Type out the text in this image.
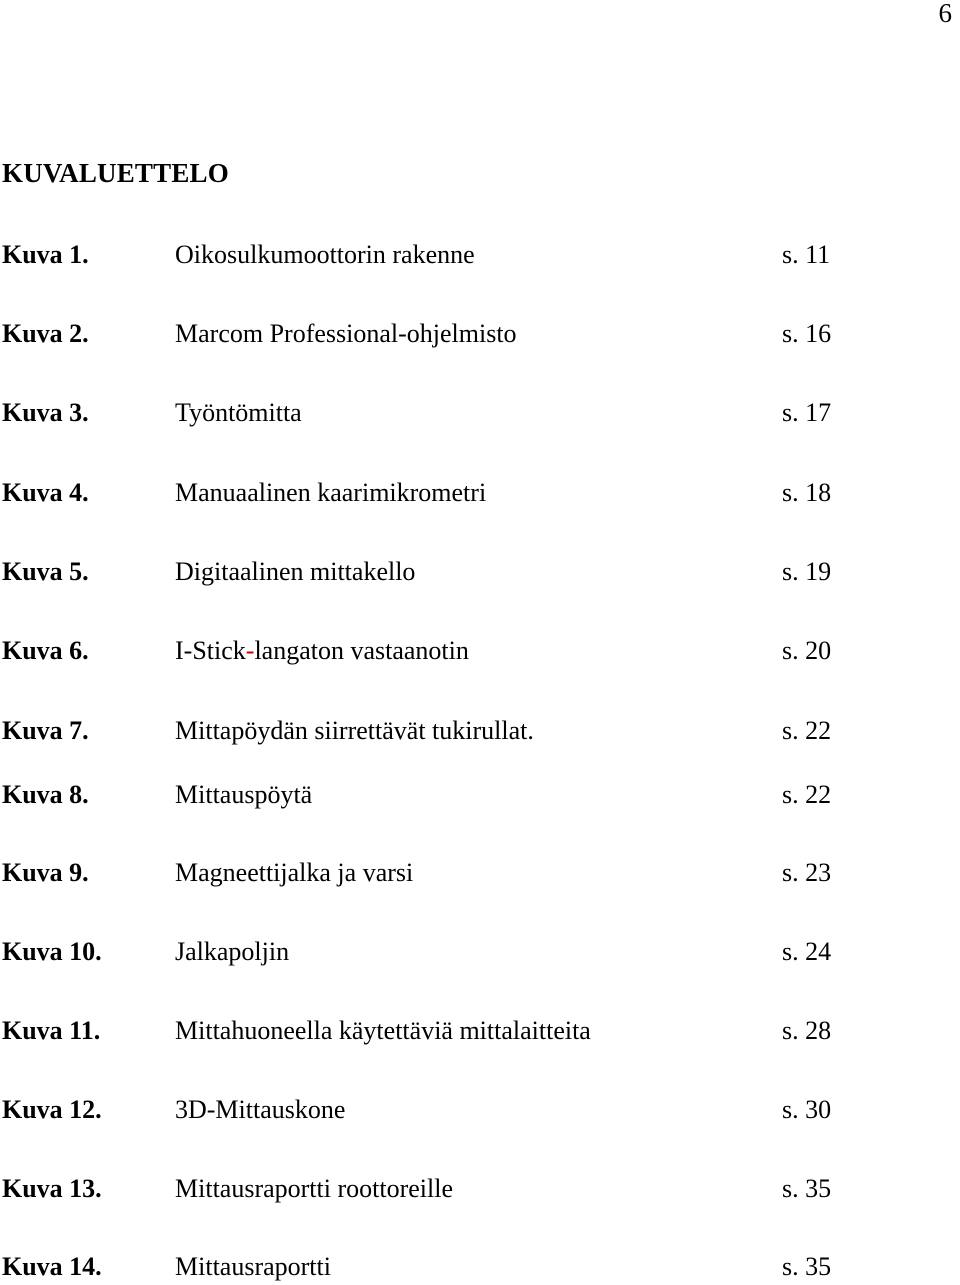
6
KUVALUETTELO
Kuva 1.	Oikosulkumoottorin rakenne	s. 11
Kuva 2.	Marcom Professional-ohjelmisto	s. 16
Kuva 3.	Työntömitta	s. 17
Kuva 4.	Manuaalinen kaarimikrometri	s. 18
Kuva 5.	Digitaalinen mittakello	s. 19
Kuva 6.	I-Stick-langaton vastaanotin	s. 20
Kuva 7.	Mittapöydän siirrettävät tukirullat.	s. 22
Kuva 8.	Mittauspöytä	s. 22
Kuva 9.	Magneettijalka ja varsi	s. 23
Kuva 10.	Jalkapoljin	s. 24
Kuva 11.	Mittahuoneella käytettäviä mittalaitteita	s. 28
Kuva 12.	3D-Mittauskone	s. 30
Kuva 13.	Mittausraportti roottoreille	s. 35
Kuva 14.	Mittausraportti	s. 35
